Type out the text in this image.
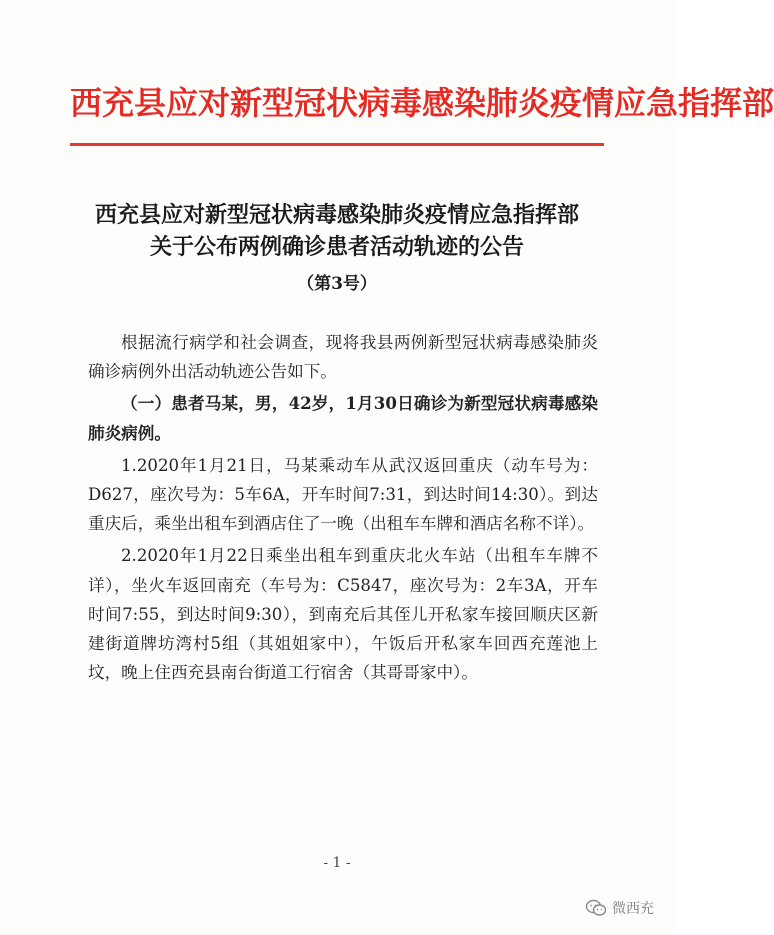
西充县应对新型冠状病毒感染肺炎疫情应急指挥部
西充县应对新型冠状病毒感染肺炎疫情应急指挥部
关于公布两例确诊患者活动轨迹的公告
（第3号）

根据流行病学和社会调查，现将我县两例新型冠状病毒感染肺炎确诊病例外出活动轨迹公告如下。

（一）患者马某，男，42岁，1月30日确诊为新型冠状病毒感染肺炎病例。

1.2020年1月21日，马某乘动车从武汉返回重庆（动车号为：D627，座次号为：5车6A，开车时间7:31，到达时间14:30）。到达重庆后，乘坐出租车到酒店住了一晚（出租车车牌和酒店名称不详）。

2.2020年1月22日乘坐出租车到重庆北火车站（出租车车牌不详），坐火车返回南充（车号为：C5847，座次号为：2车3A，开车时间7:55，到达时间9:30），到南充后其侄儿开私家车接回顺庆区新建街道牌坊湾村5组（其姐姐家中），午饭后开私家车回西充莲池上坟，晚上住西充县南台街道工行宿舍（其哥哥家中）。

- 1 -
微西充
